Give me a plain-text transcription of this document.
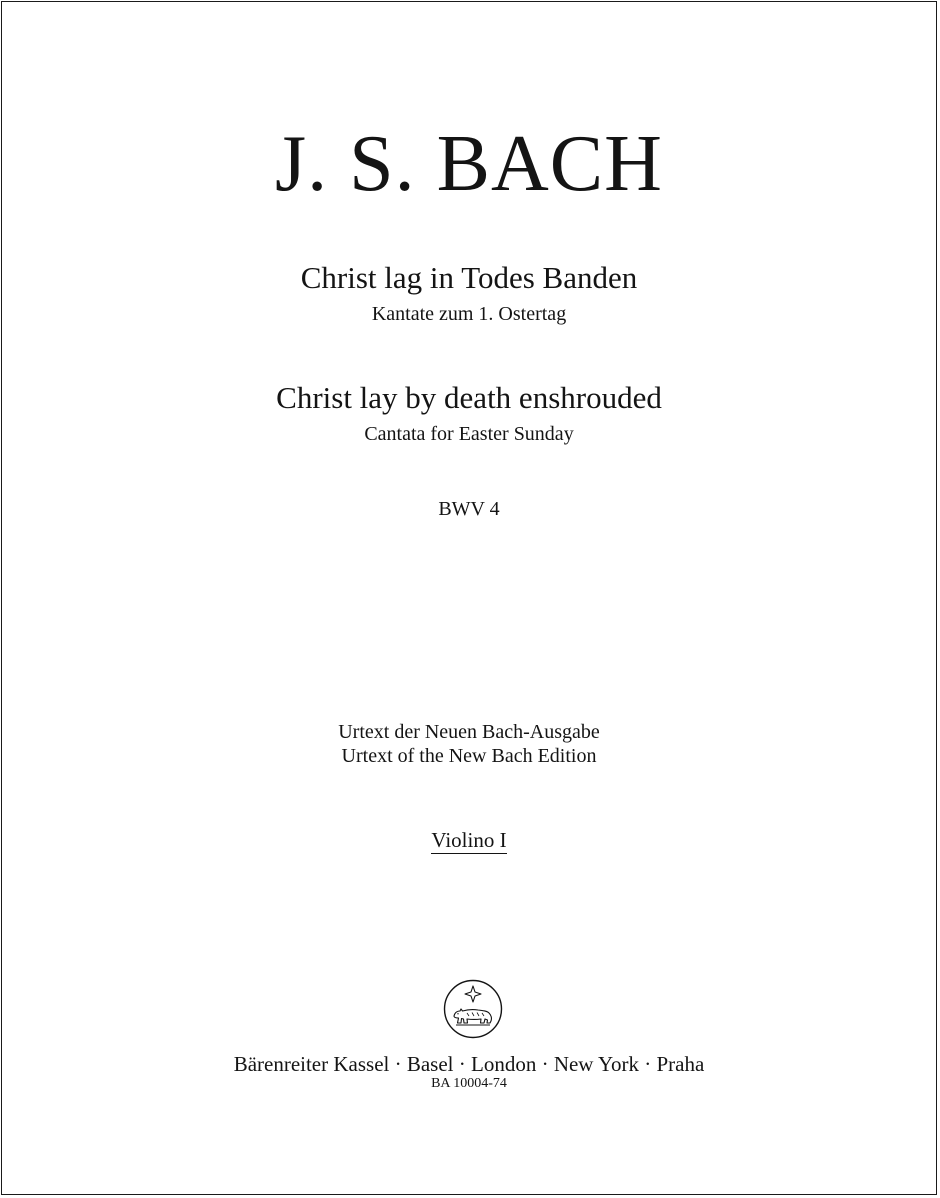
J. S. BACH
Christ lag in Todes Banden
Kantate zum 1. Ostertag
Christ lay by death enshrouded
Cantata for Easter Sunday
BWV 4
Urtext der Neuen Bach-Ausgabe
Urtext of the New Bach Edition
Violino I
Bärenreiter Kassel · Basel · London · New York · Praha
BA 10004-74
